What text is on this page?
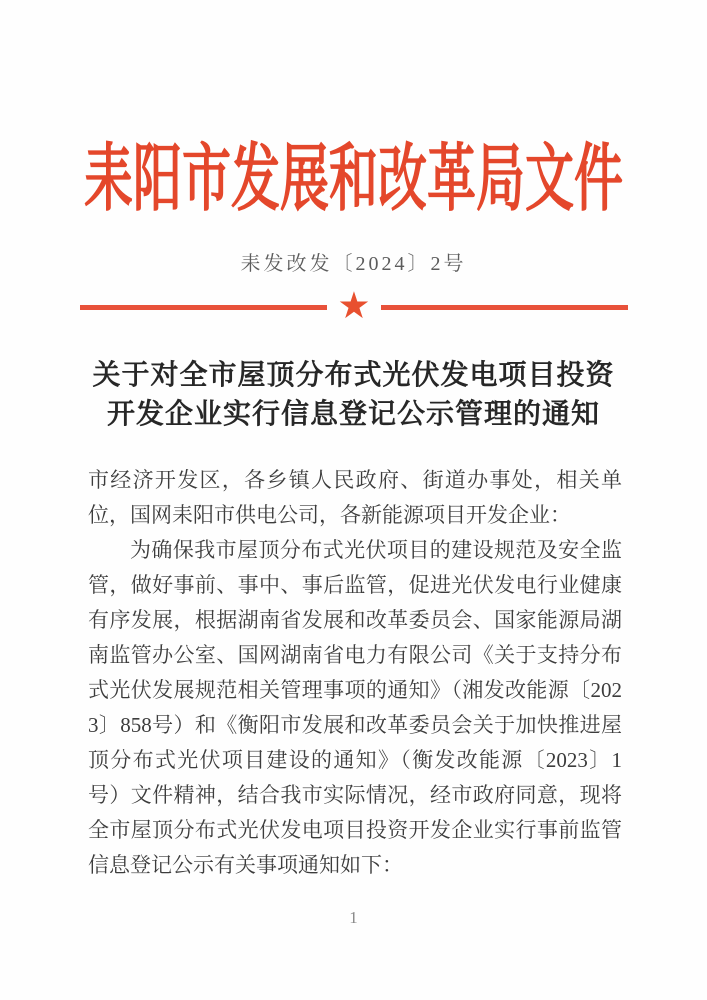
耒阳市发展和改革局文件
耒发改发〔2024〕2号
★
关于对全市屋顶分布式光伏发电项目投资
开发企业实行信息登记公示管理的通知

市经济开发区，各乡镇人民政府、街道办事处，相关单位，国网耒阳市供电公司，各新能源项目开发企业：

为确保我市屋顶分布式光伏项目的建设规范及安全监管，做好事前、事中、事后监管，促进光伏发电行业健康有序发展，根据湖南省发展和改革委员会、国家能源局湖南监管办公室、国网湖南省电力有限公司《关于支持分布式光伏发展规范相关管理事项的通知》（湘发改能源〔2023〕858号）和《衡阳市发展和改革委员会关于加快推进屋顶分布式光伏项目建设的通知》（衡发改能源〔2023〕1号）文件精神，结合我市实际情况，经市政府同意，现将全市屋顶分布式光伏发电项目投资开发企业实行事前监管信息登记公示有关事项通知如下：

1
